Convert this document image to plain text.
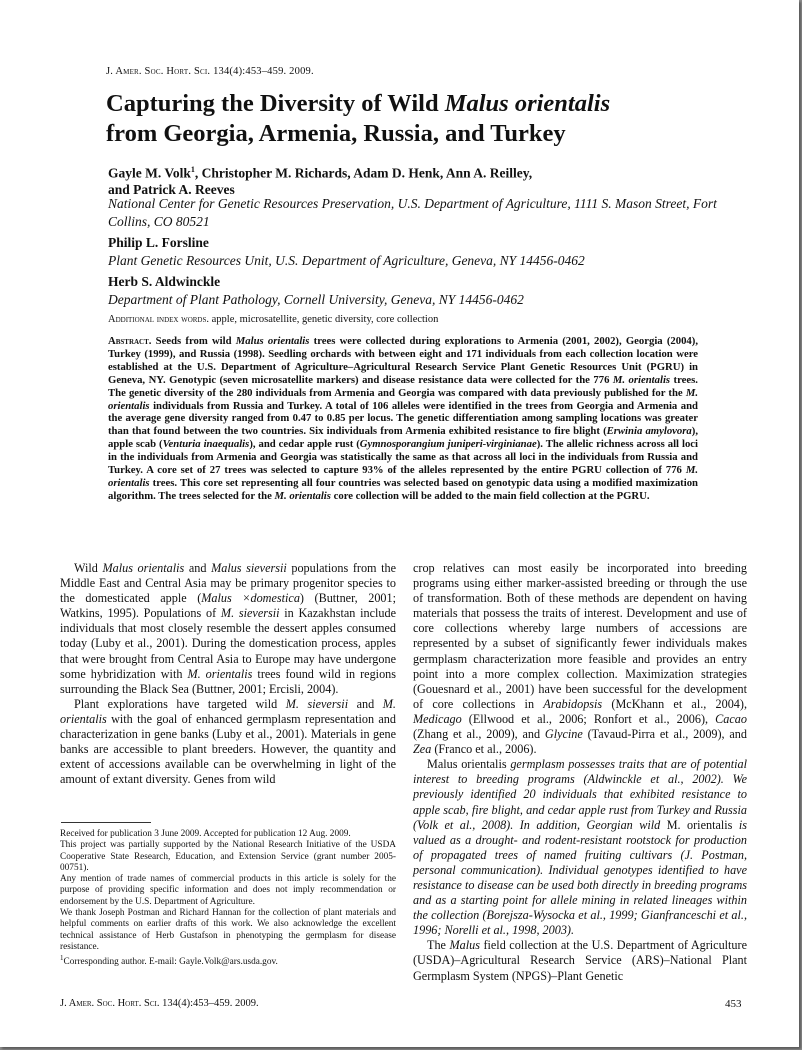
J. Amer. Soc. Hort. Sci. 134(4):453–459. 2009.
Capturing the Diversity of Wild Malus orientalis
from Georgia, Armenia, Russia, and Turkey
Gayle M. Volk$^1$, Christopher M. Richards, Adam D. Henk, Ann A. Reilley,
and Patrick A. Reeves
National Center for Genetic Resources Preservation, U.S. Department of Agriculture, 1111 S. Mason Street, Fort Collins, CO 80521
Philip L. Forsline
Plant Genetic Resources Unit, U.S. Department of Agriculture, Geneva, NY 14456-0462
Herb S. Aldwinckle
Department of Plant Pathology, Cornell University, Geneva, NY 14456-0462
Additional index words. apple, microsatellite, genetic diversity, core collection
Abstract. Seeds from wild Malus orientalis trees were collected during explorations to Armenia (2001, 2002), Georgia (2004), Turkey (1999), and Russia (1998). Seedling orchards with between eight and 171 individuals from each collection location were established at the U.S. Department of Agriculture–Agricultural Research Service Plant Genetic Resources Unit (PGRU) in Geneva, NY. Genotypic (seven microsatellite markers) and disease resistance data were collected for the 776 M. orientalis trees. The genetic diversity of the 280 individuals from Armenia and Georgia was compared with data previously published for the M. orientalis individuals from Russia and Turkey. A total of 106 alleles were identified in the trees from Georgia and Armenia and the average gene diversity ranged from 0.47 to 0.85 per locus. The genetic differentiation among sampling locations was greater than that found between the two countries. Six individuals from Armenia exhibited resistance to fire blight (Erwinia amylovora), apple scab (Venturia inaequalis), and cedar apple rust (Gymnosporangium juniperi-virginianae). The allelic richness across all loci in the individuals from Armenia and Georgia was statistically the same as that across all loci in the individuals from Russia and Turkey. A core set of 27 trees was selected to capture 93% of the alleles represented by the entire PGRU collection of 776 M. orientalis trees. This core set representing all four countries was selected based on genotypic data using a modified maximization algorithm. The trees selected for the M. orientalis core collection will be added to the main field collection at the PGRU.

Wild Malus orientalis and Malus sieversii populations from the Middle East and Central Asia may be primary progenitor species to the domesticated apple (Malus ×domestica) (Buttner, 2001; Watkins, 1995). Populations of M. sieversii in Kazakhstan include individuals that most closely resemble the dessert apples consumed today (Luby et al., 2001). During the domestication process, apples that were brought from Central Asia to Europe may have undergone some hybridization with M. orientalis trees found wild in regions surrounding the Black Sea (Buttner, 2001; Ercisli, 2004).

Plant explorations have targeted wild M. sieversii and M. orientalis with the goal of enhanced germplasm representation and characterization in gene banks (Luby et al., 2001). Materials in gene banks are accessible to plant breeders. However, the quantity and extent of accessions available can be overwhelming in light of the amount of extant diversity. Genes from wild

crop relatives can most easily be incorporated into breeding programs using either marker-assisted breeding or through the use of transformation. Both of these methods are dependent on having materials that possess the traits of interest. Development and use of core collections whereby large numbers of accessions are represented by a subset of significantly fewer individuals makes germplasm characterization more feasible and provides an entry point into a more complex collection. Maximization strategies (Gouesnard et al., 2001) have been successful for the development of core collections in Arabidopsis (McKhann et al., 2004), Medicago (Ellwood et al., 2006; Ronfort et al., 2006), Cacao (Zhang et al., 2009), and Glycine (Tavaud-Pirra et al., 2009), and Zea (Franco et al., 2006).

Malus orientalis germplasm possesses traits that are of potential interest to breeding programs (Aldwinckle et al., 2002). We previously identified 20 individuals that exhibited resistance to apple scab, fire blight, and cedar apple rust from Turkey and Russia (Volk et al., 2008). In addition, Georgian wild M. orientalis is valued as a drought- and rodent-resistant rootstock for production of propagated trees of named fruiting cultivars (J. Postman, personal communication). Individual genotypes identified to have resistance to disease can be used both directly in breeding programs and as a starting point for allele mining in related lineages within the collection (Borejsza-Wysocka et al., 1999; Gianfranceschi et al., 1996; Norelli et al., 1998, 2003).

The Malus field collection at the U.S. Department of Agriculture (USDA)–Agricultural Research Service (ARS)–National Plant Germplasm System (NPGS)–Plant Genetic

Received for publication 3 June 2009. Accepted for publication 12 Aug. 2009.

This project was partially supported by the National Research Initiative of the USDA Cooperative State Research, Education, and Extension Service (grant number 2005-00751).

Any mention of trade names of commercial products in this article is solely for the purpose of providing specific information and does not imply recommendation or endorsement by the U.S. Department of Agriculture.

We thank Joseph Postman and Richard Hannan for the collection of plant materials and helpful comments on earlier drafts of this work. We also acknowledge the excellent technical assistance of Herb Gustafson in phenotyping the germplasm for disease resistance.

$^1$Corresponding author. E-mail: Gayle.Volk@ars.usda.gov.

J. Amer. Soc. Hort. Sci. 134(4):453–459. 2009.	453
